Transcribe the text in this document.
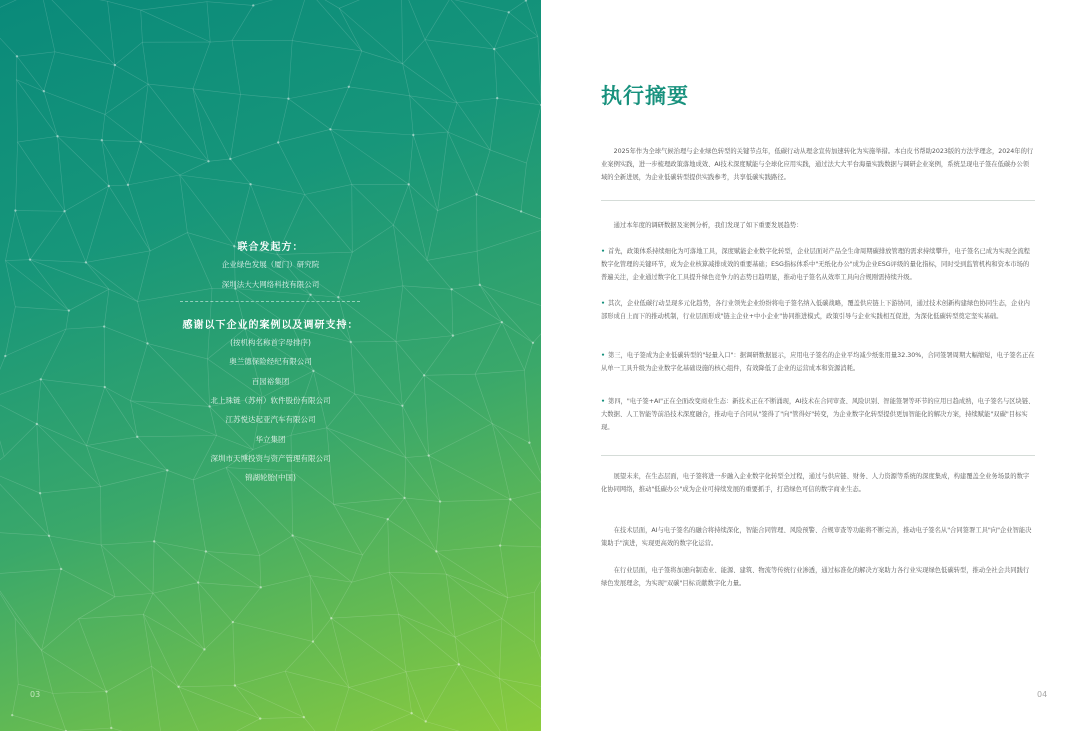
联合发起方：
企业绿色发展（厦门）研究院
深圳法大大网络科技有限公司
感谢以下企业的案例以及调研支持：
(按机构名称首字母排序)
奥兰德保险经纪有限公司
百园裕集团
北上珠链（苏州）软件股份有限公司
江苏悦达起亚汽车有限公司
华立集团
深圳市天博投资与资产管理有限公司
锦湖轮胎(中国)
03
执行摘要
2025年作为全球气候治理与企业绿色转型的关键节点年，低碳行动从理念宣传加速转化为实施举措。本白皮书帮助2023版的方法学理念，2024年的行业案例实践，进一步梳理政策落地成效、AI技术深度赋能与全球化应用实践，通过法大大平台海量实践数据与调研企业案例，系统呈现电子签在低碳办公领域的全新进展，为企业低碳转型提供实践参考，共享低碳实践路径。
通过本年度的调研数据及案例分析，我们发现了如下重要发展趋势：
• 首先，政策体系持续细化为可落地工具，深度赋能企业数字化转型，企业层面对产品全生命周期碳排放管理的需求持续攀升，电子签名已成为实现全流程数字化管理的关键环节，成为企业核算减排成效的重要基础；ESG指标体系中"无纸化办公"成为企业ESG评级的量化指标，同时受到监管机构和资本市场的普遍关注，企业通过数字化工具提升绿色竞争力的态势日趋明显，推动电子签名从效率工具向合规刚需持续升级。
• 其次，企业低碳行动呈现多元化趋势，各行业领先企业纷纷将电子签名纳入低碳战略，覆盖供应链上下游协同，通过技术创新构建绿色协同生态，企业内部形成自上而下的推动机制，行业层面形成"链主企业+中小企业"协同推进模式，政策引导与企业实践相互促进，为深化低碳转型奠定坚实基础。
• 第三，电子签成为企业低碳转型的"轻量入口"：据调研数据显示，应用电子签名的企业平均减少纸张用量32.30%，合同签署周期大幅缩短，电子签名正在从单一工具升级为企业数字化基础设施的核心组件，有效降低了企业的运营成本和资源消耗。
• 第四，"电子签+AI"正在全面改变商业生态：新技术正在不断涌现，AI技术在合同审查、风险识别、智能签署等环节的应用日趋成熟，电子签名与区块链、大数据、人工智能等前沿技术深度融合，推动电子合同从"签得了"向"管得好"转变，为企业数字化转型提供更加智能化的解决方案，持续赋能"双碳"目标实现。
展望未来，在生态层面，电子签将进一步融入企业数字化转型全过程，通过与供应链、财务、人力资源等系统的深度集成，构建覆盖全业务场景的数字化协同网络，推动"低碳办公"成为企业可持续发展的重要抓手，打造绿色可信的数字商业生态。
在技术层面，AI与电子签名的融合将持续深化，智能合同管理、风险预警、合规审查等功能将不断完善，推动电子签名从"合同签署工具"向"企业智能决策助手"演进，实现更高效的数字化运营。
在行业层面，电子签将加速向制造业、能源、建筑、物流等传统行业渗透，通过标准化的解决方案助力各行业实现绿色低碳转型，推动全社会共同践行绿色发展理念，为实现"双碳"目标贡献数字化力量。
04
